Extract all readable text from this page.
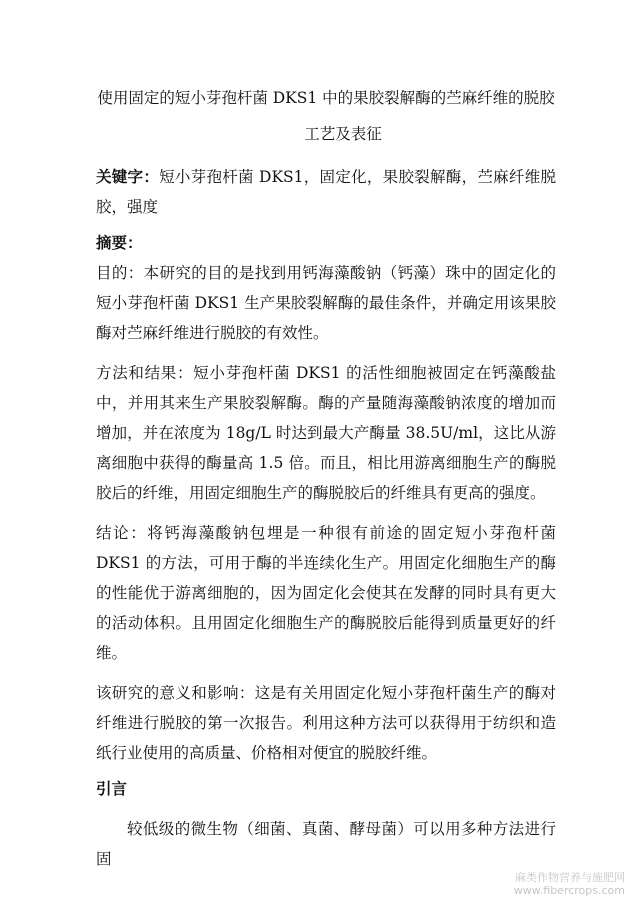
使用固定的短小芽孢杆菌 DKS1 中的果胶裂解酶的苎麻纤维的脱胶

工艺及表征

关键字：短小芽孢杆菌 DKS1，固定化，果胶裂解酶，苎麻纤维脱胶，强度

摘要：

目的：本研究的目的是找到用钙海藻酸钠（钙藻）珠中的固定化的短小芽孢杆菌 DKS1 生产果胶裂解酶的最佳条件，并确定用该果胶酶对苎麻纤维进行脱胶的有效性。

方法和结果：短小芽孢杆菌 DKS1 的活性细胞被固定在钙藻酸盐中，并用其来生产果胶裂解酶。酶的产量随海藻酸钠浓度的增加而增加，并在浓度为 18g/L 时达到最大产酶量 38.5U/ml，这比从游离细胞中获得的酶量高 1.5 倍。而且，相比用游离细胞生产的酶脱胶后的纤维，用固定细胞生产的酶脱胶后的纤维具有更高的强度。

结论：将钙海藻酸钠包埋是一种很有前途的固定短小芽孢杆菌 DKS1 的方法，可用于酶的半连续化生产。用固定化细胞生产的酶的性能优于游离细胞的，因为固定化会使其在发酵的同时具有更大的活动体积。且用固定化细胞生产的酶脱胶后能得到质量更好的纤维。

该研究的意义和影响：这是有关用固定化短小芽孢杆菌生产的酶对纤维进行脱胶的第一次报告。利用这种方法可以获得用于纺织和造纸行业使用的高质量、价格相对便宜的脱胶纤维。

引言

较低级的微生物（细菌、真菌、酵母菌）可以用多种方法进行固

麻类作物营养与施肥网
www.fibercrops.com
